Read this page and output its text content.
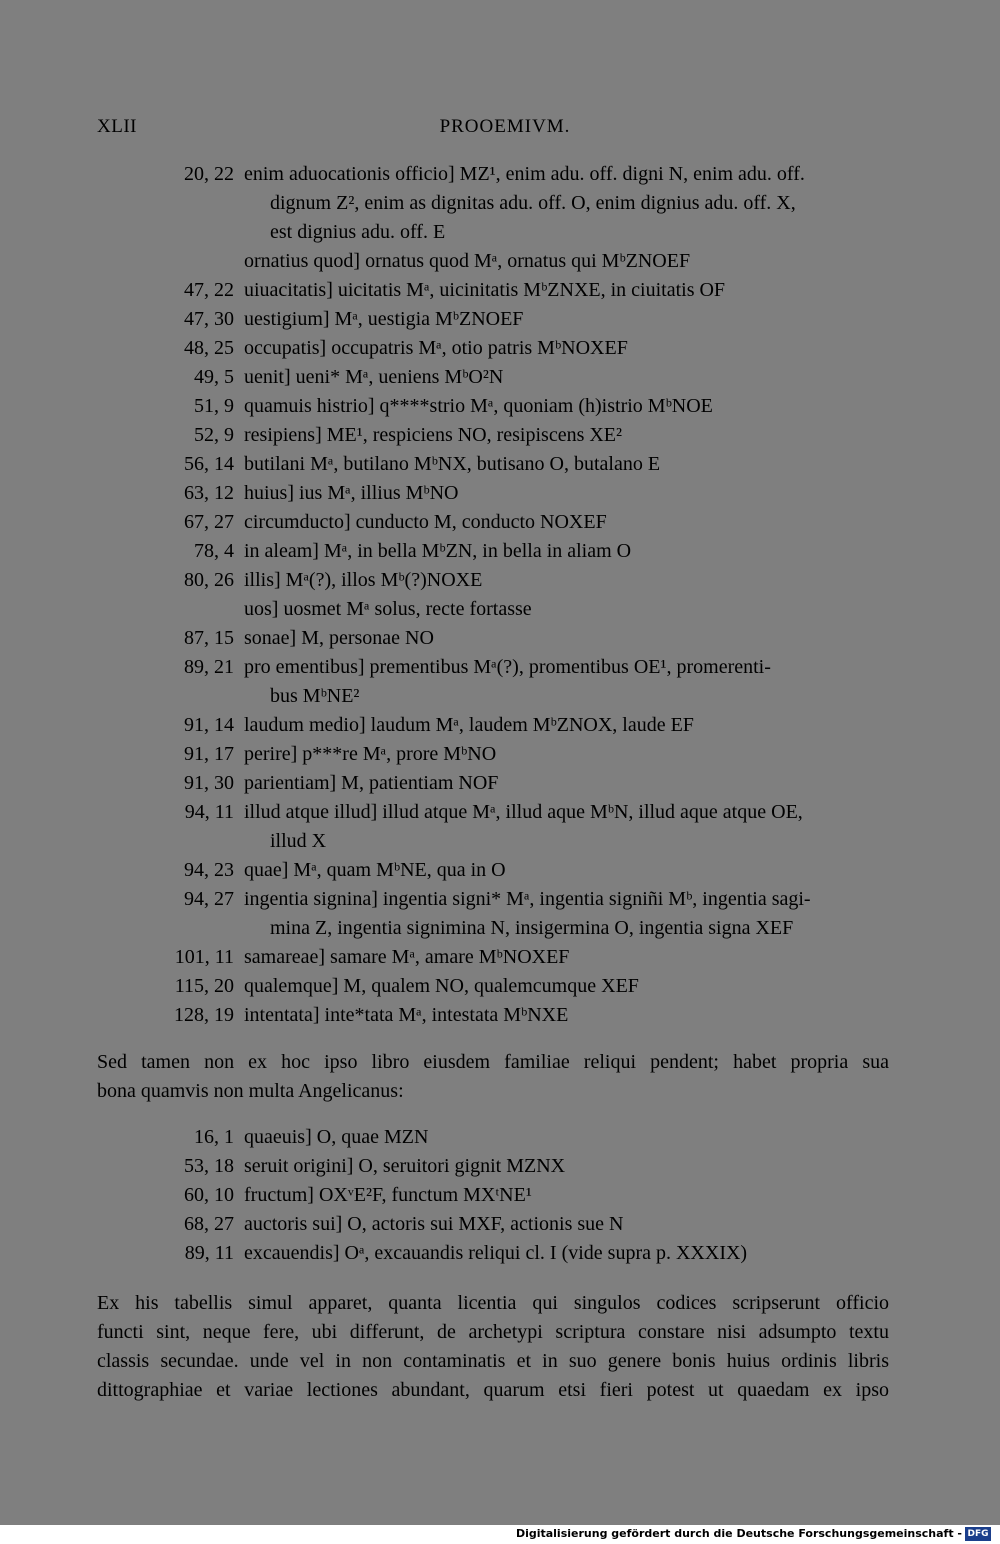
XLII	PROOEMIVM.
20, 22 enim aduocationis officio] MZ¹, enim adu. off. digni N, enim adu. off.
dignum Z², enim as dignitas adu. off. O, enim dignius adu. off. X,
est dignius adu. off. E
ornatius quod] ornatus quod Mᵃ, ornatus qui MᵇZNOEF
47, 22 uiuacitatis] uicitatis Mᵃ, uicinitatis MᵇZNXE, in ciuitatis OF
47, 30 uestigium] Mᵃ, uestigia MᵇZNOEF
48, 25 occupatis] occupatris Mᵃ, otio patris MᵇNOXEF
49, 5 uenit] ueni* Mᵃ, ueniens MᵇO²N
51, 9 quamuis histrio] q****strio Mᵃ, quoniam (h)istrio MᵇNOE
52, 9 resipiens] ME¹, respiciens NO, resipiscens XE²
56, 14 butilani Mᵃ, butilano MᵇNX, butisano O, butalano E
63, 12 huius] ius Mᵃ, illius MᵇNO
67, 27 circumducto] cunducto M, conducto NOXEF
78, 4 in aleam] Mᵃ, in bella MᵇZN, in bella in aliam O
80, 26 illis] Mᵃ(?), illos Mᵇ(?)NOXE
uos] uosmet Mᵃ solus, recte fortasse
87, 15 sonae] M, personae NO
89, 21 pro ementibus] prementibus Mᵃ(?), promentibus OE¹, promerenti-
bus MᵇNE²
91, 14 laudum medio] laudum Mᵃ, laudem MᵇZNOX, laude EF
91, 17 perire] p***re Mᵃ, prore MᵇNO
91, 30 parientiam] M, patientiam NOF
94, 11 illud atque illud] illud atque Mᵃ, illud aque MᵇN, illud aque atque OE,
illud X
94, 23 quae] Mᵃ, quam MᵇNE, qua in O
94, 27 ingentia signina] ingentia signi* Mᵃ, ingentia signiñi Mᵇ, ingentia sagi-
mina Z, ingentia signimina N, insigermina O, ingentia signa XEF
101, 11 samareae] samare Mᵃ, amare MᵇNOXEF
115, 20 qualemque] M, qualem NO, qualemcumque XEF
128, 19 intentata] inte*tata Mᵃ, intestata MᵇNXE
Sed tamen non ex hoc ipso libro eiusdem familiae reliqui pendent; habet propria sua
bona quamvis non multa Angelicanus:
16, 1 quaeuis] O, quae MZN
53, 18 seruit origini] O, seruitori gignit MZNX
60, 10 fructum] OXᵛE²F, functum MXᵗNE¹
68, 27 auctoris sui] O, actoris sui MXF, actionis sue N
89, 11 excauendis] Oᵃ, excauandis reliqui cl. I (vide supra p. XXXIX)
Ex his tabellis simul apparet, quanta licentia qui singulos codices scripserunt officio
functi sint, neque fere, ubi differunt, de archetypi scriptura constare nisi adsumpto textu
classis secundae. unde vel in non contaminatis et in suo genere bonis huius ordinis libris
dittographiae et variae lectiones abundant, quarum etsi fieri potest ut quaedam ex ipso
Digitalisierung gefördert durch die Deutsche Forschungsgemeinschaft - DFG
